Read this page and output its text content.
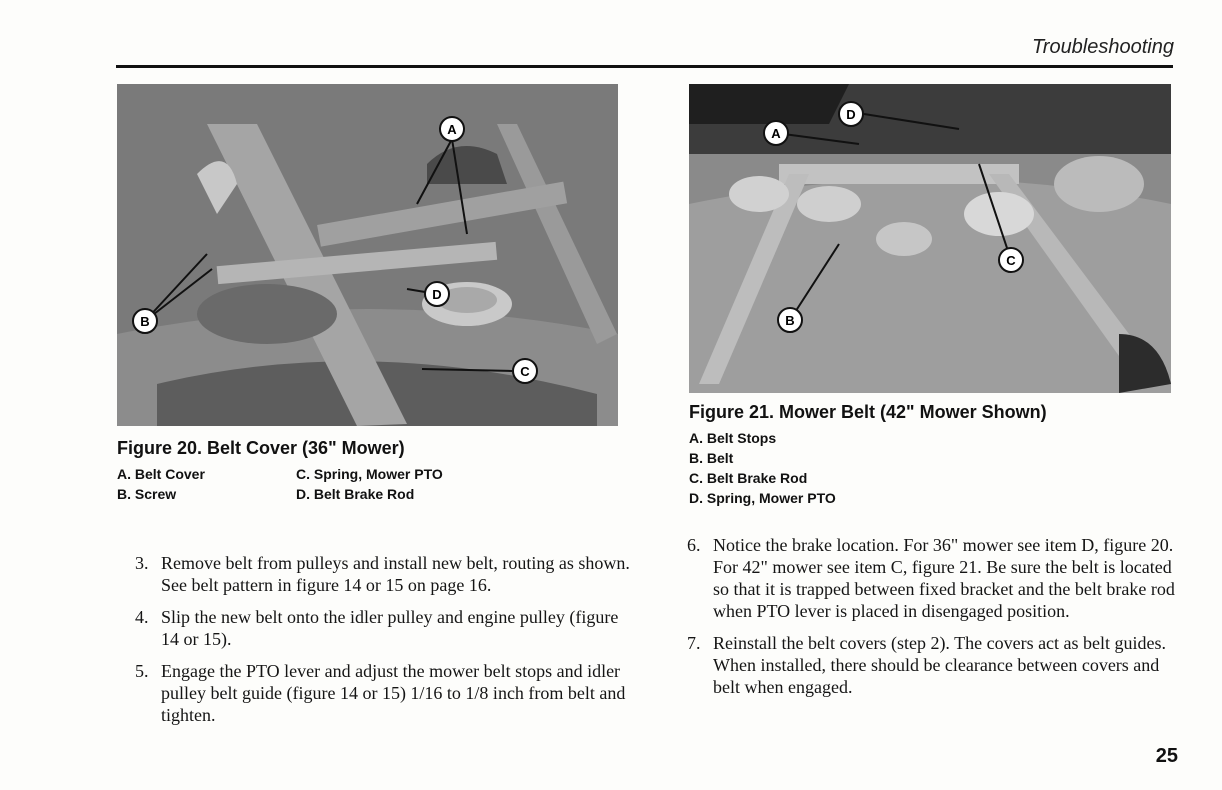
Troubleshooting
A
B
C
D
A
B
C
D
Figure 20. Belt Cover (36" Mower)
A. Belt Cover
B. Screw
C. Spring, Mower PTO
D. Belt Brake Rod
Figure 21. Mower Belt (42" Mower Shown)
A. Belt Stops
B. Belt
C. Belt Brake Rod
D. Spring, Mower PTO
3. Remove belt from pulleys and install new belt, routing as shown. See belt pattern in figure 14 or 15 on page 16.
4. Slip the new belt onto the idler pulley and engine pulley (figure 14 or 15).
5. Engage the PTO lever and adjust the mower belt stops and idler pulley belt guide (figure 14 or 15) 1/16 to 1/8 inch from belt and tighten.
6. Notice the brake location. For 36" mower see item D, figure 20. For 42" mower see item C, figure 21. Be sure the belt is located so that it is trapped between fixed bracket and the belt brake rod when PTO lever is placed in disengaged position.
7. Reinstall the belt covers (step 2). The covers act as belt guides. When installed, there should be clearance between covers and belt when engaged.
25
